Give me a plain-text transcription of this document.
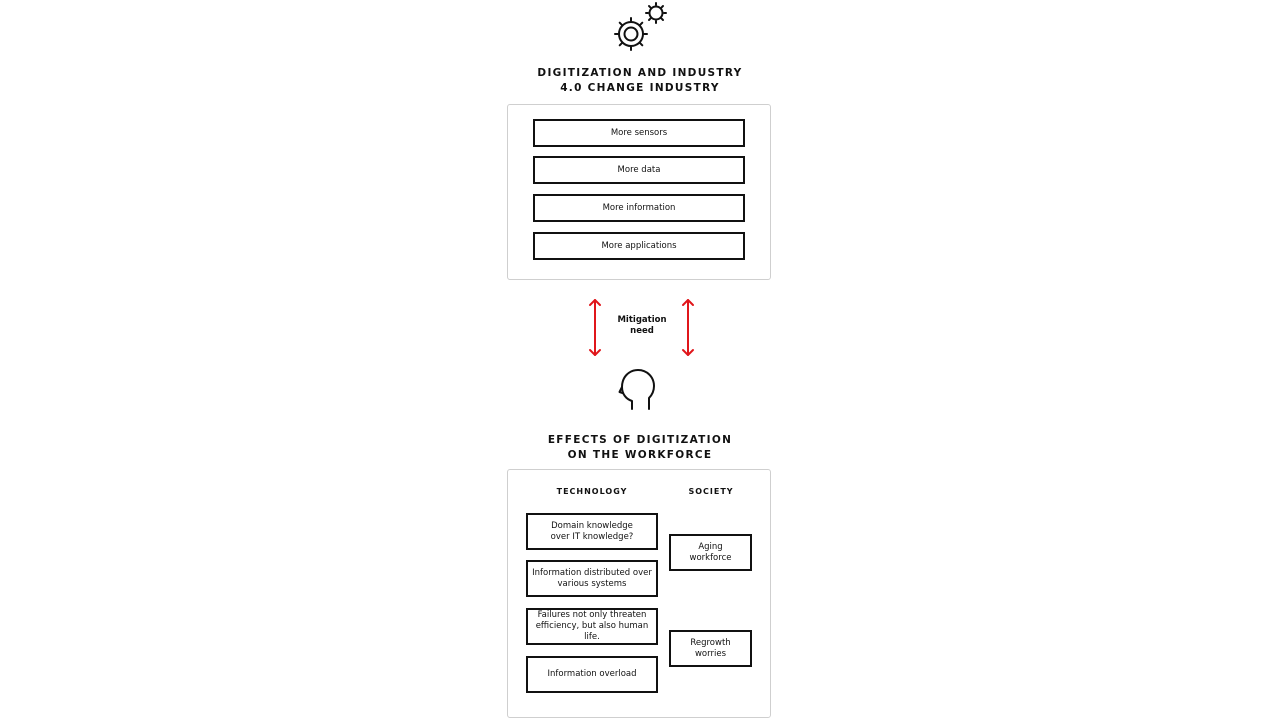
DIGITIZATION AND INDUSTRY
4.0 CHANGE INDUSTRY
More sensors
More data
More information
More applications
Mitigation
need
EFFECTS OF DIGITIZATION
ON THE WORKFORCE
TECHNOLOGY	SOCIETY
Domain knowledge
over IT knowledge?
Information distributed over
various systems
Failures not only threaten
efficiency, but also human life.
Information overload
Aging
workforce
Regrowth
worries
